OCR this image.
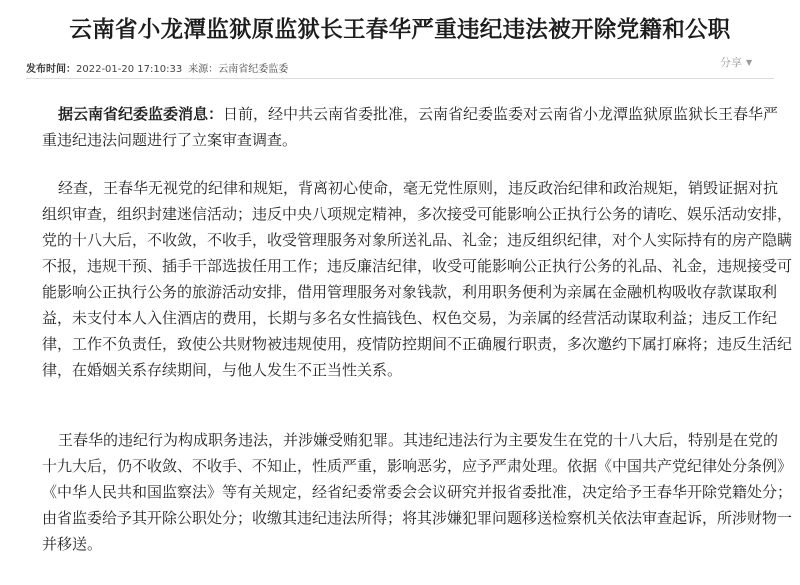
云南省小龙潭监狱原监狱长王春华严重违纪违法被开除党籍和公职
发布时间：2022-01-20 17:10:33 来源：云南省纪委监委
分享 ▼
据云南省纪委监委消息：日前，经中共云南省委批准，云南省纪委监委对云南省小龙潭监狱原监狱长王春华严
重违纪违法问题进行了立案审查调查。
经查，王春华无视党的纪律和规矩，背离初心使命，毫无党性原则，违反政治纪律和政治规矩，销毁证据对抗
组织审查，组织封建迷信活动；违反中央八项规定精神，多次接受可能影响公正执行公务的请吃、娱乐活动安排，
党的十八大后，不收敛，不收手，收受管理服务对象所送礼品、礼金；违反组织纪律，对个人实际持有的房产隐瞒
不报，违规干预、插手干部选拔任用工作；违反廉洁纪律，收受可能影响公正执行公务的礼品、礼金，违规接受可
能影响公正执行公务的旅游活动安排，借用管理服务对象钱款，利用职务便利为亲属在金融机构吸收存款谋取利
益，未支付本人入住酒店的费用，长期与多名女性搞钱色、权色交易，为亲属的经营活动谋取利益；违反工作纪
律，工作不负责任，致使公共财物被违规使用，疫情防控期间不正确履行职责，多次邀约下属打麻将；违反生活纪
律，在婚姻关系存续期间，与他人发生不正当性关系。
王春华的违纪行为构成职务违法，并涉嫌受贿犯罪。其违纪违法行为主要发生在党的十八大后，特别是在党的
十九大后，仍不收敛、不收手、不知止，性质严重，影响恶劣，应予严肃处理。依据《中国共产党纪律处分条例》
《中华人民共和国监察法》等有关规定，经省纪委常委会会议研究并报省委批准，决定给予王春华开除党籍处分；
由省监委给予其开除公职处分；收缴其违纪违法所得；将其涉嫌犯罪问题移送检察机关依法审查起诉，所涉财物一
并移送。
